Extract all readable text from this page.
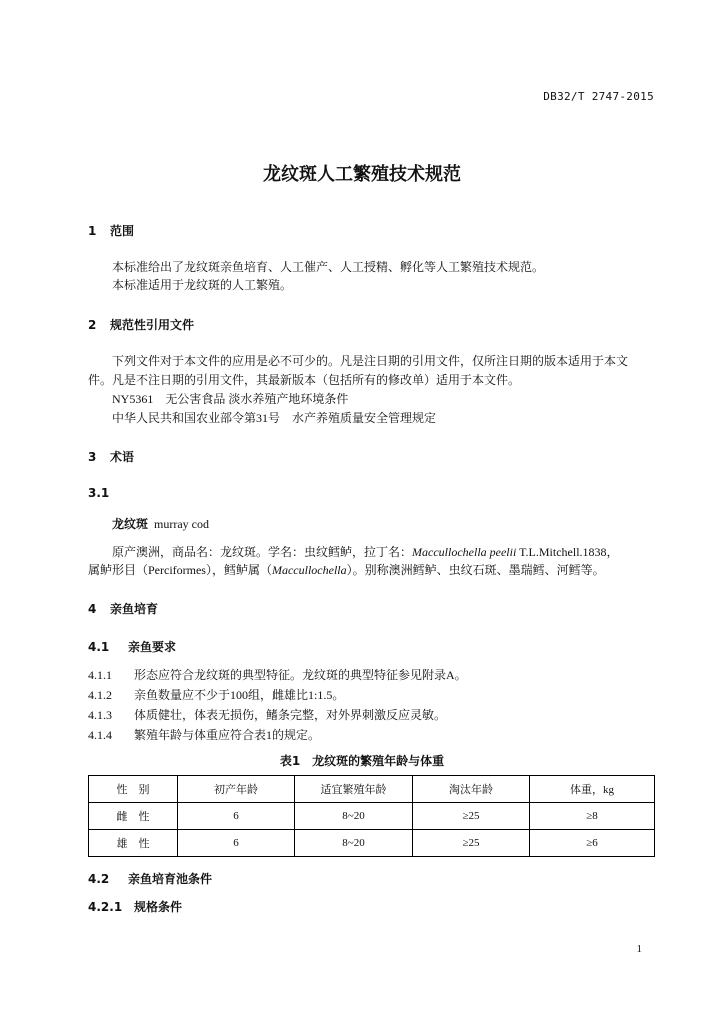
DB32/T 2747-2015
龙纹斑人工繁殖技术规范
1 范围
本标准给出了龙纹斑亲鱼培育、人工催产、人工授精、孵化等人工繁殖技术规范。
本标准适用于龙纹斑的人工繁殖。
2 规范性引用文件
下列文件对于本文件的应用是必不可少的。凡是注日期的引用文件，仅所注日期的版本适用于本文
件。凡是不注日期的引用文件，其最新版本（包括所有的修改单）适用于本文件。
NY5361　无公害食品 淡水养殖产地环境条件
中华人民共和国农业部令第31号　水产养殖质量安全管理规定
3 术语
3.1
龙纹斑 murray cod
原产澳洲，商品名：龙纹斑。学名：虫纹鳕鲈，拉丁名：Maccullochella peelii T.L.Mitchell.1838，
属鲈形目（Perciformes），鳕鲈属（Maccullochella）。别称澳洲鳕鲈、虫纹石斑、墨瑞鳕、河鳕等。
4 亲鱼培育
4.1 亲鱼要求
4.1.1 形态应符合龙纹斑的典型特征。龙纹斑的典型特征参见附录A。
4.1.2 亲鱼数量应不少于100组，雌雄比1:1.5。
4.1.3 体质健壮，体表无损伤，鳍条完整，对外界刺激反应灵敏。
4.1.4 繁殖年龄与体重应符合表1的规定。
表1　龙纹斑的繁殖年龄与体重
性　别	初产年龄	适宜繁殖年龄	淘汰年龄	体重，kg
雌　性	6	8~20	≥25	≥8
雄　性	6	8~20	≥25	≥6
4.2 亲鱼培育池条件
4.2.1 规格条件
1
